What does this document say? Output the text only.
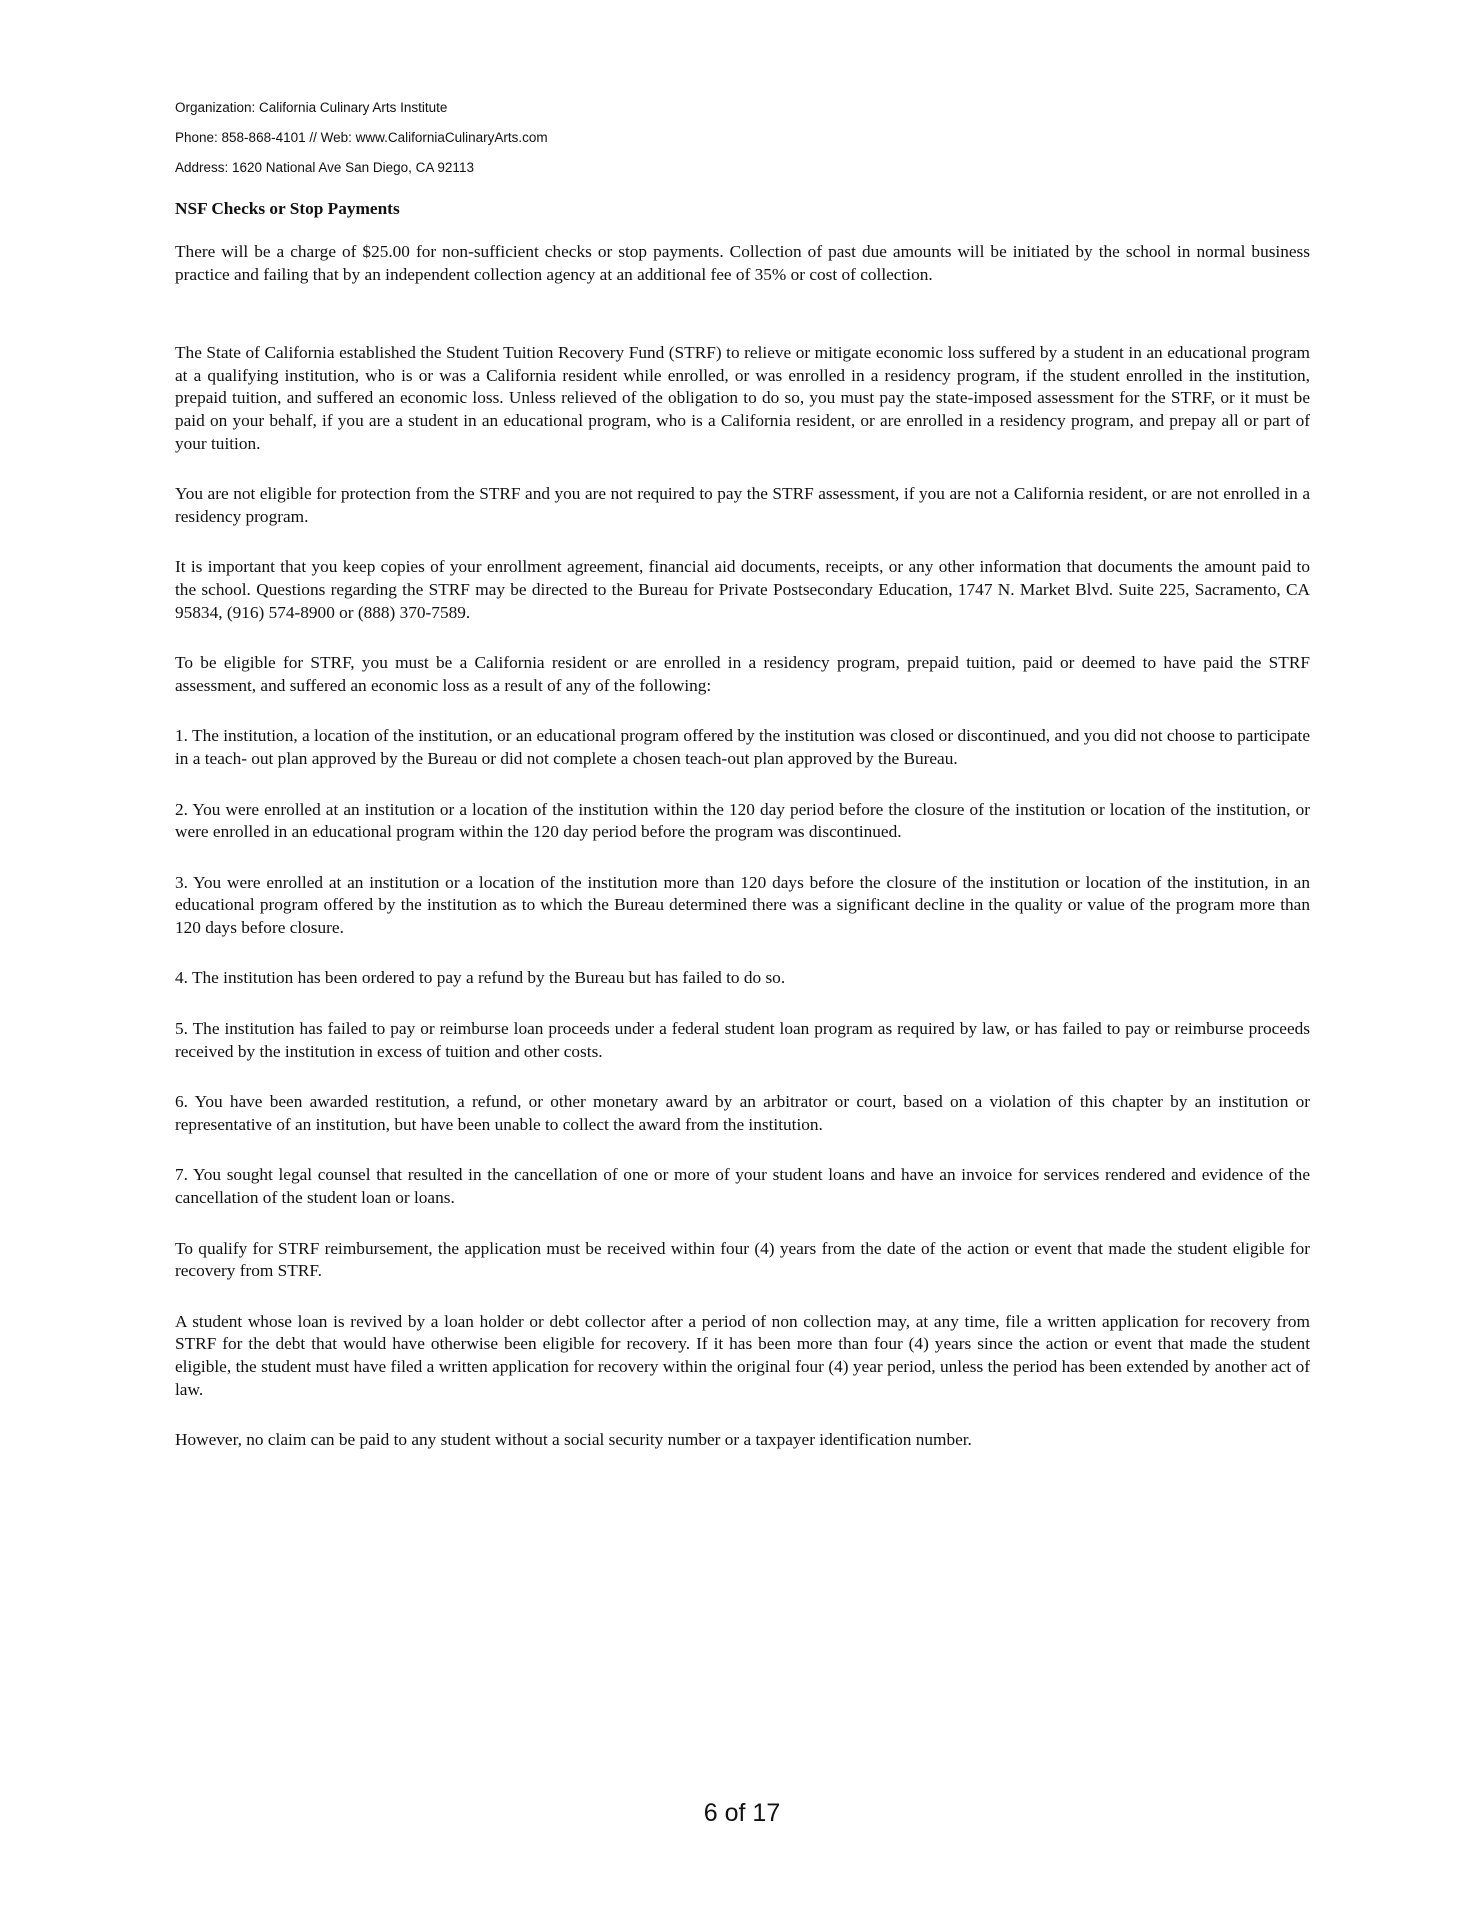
Organization: California Culinary Arts Institute
Phone: 858-868-4101 // Web: www.CaliforniaCulinaryArts.com
Address: 1620 National Ave San Diego, CA 92113
NSF Checks or Stop Payments

There will be a charge of $25.00 for non-sufficient checks or stop payments. Collection of past due amounts will be initiated by the school in normal business practice and failing that by an independent collection agency at an additional fee of 35% or cost of collection.

The State of California established the Student Tuition Recovery Fund (STRF) to relieve or mitigate economic loss suffered by a student in an educational program at a qualifying institution, who is or was a California resident while enrolled, or was enrolled in a residency program, if the student enrolled in the institution, prepaid tuition, and suffered an economic loss. Unless relieved of the obligation to do so, you must pay the state-imposed assessment for the STRF, or it must be paid on your behalf, if you are a student in an educational program, who is a California resident, or are enrolled in a residency program, and prepay all or part of your tuition.

You are not eligible for protection from the STRF and you are not required to pay the STRF assessment, if you are not a California resident, or are not enrolled in a residency program.

It is important that you keep copies of your enrollment agreement, financial aid documents, receipts, or any other information that documents the amount paid to the school. Questions regarding the STRF may be directed to the Bureau for Private Postsecondary Education, 1747 N. Market Blvd. Suite 225, Sacramento, CA 95834, (916) 574-8900 or (888) 370-7589.

To be eligible for STRF, you must be a California resident or are enrolled in a residency program, prepaid tuition, paid or deemed to have paid the STRF assessment, and suffered an economic loss as a result of any of the following:

1. The institution, a location of the institution, or an educational program offered by the institution was closed or discontinued, and you did not choose to participate in a teach- out plan approved by the Bureau or did not complete a chosen teach-out plan approved by the Bureau.

2. You were enrolled at an institution or a location of the institution within the 120 day period before the closure of the institution or location of the institution, or were enrolled in an educational program within the 120 day period before the program was discontinued.

3. You were enrolled at an institution or a location of the institution more than 120 days before the closure of the institution or location of the institution, in an educational program offered by the institution as to which the Bureau determined there was a significant decline in the quality or value of the program more than 120 days before closure.

4. The institution has been ordered to pay a refund by the Bureau but has failed to do so.

5. The institution has failed to pay or reimburse loan proceeds under a federal student loan program as required by law, or has failed to pay or reimburse proceeds received by the institution in excess of tuition and other costs.

6. You have been awarded restitution, a refund, or other monetary award by an arbitrator or court, based on a violation of this chapter by an institution or representative of an institution, but have been unable to collect the award from the institution.

7. You sought legal counsel that resulted in the cancellation of one or more of your student loans and have an invoice for services rendered and evidence of the cancellation of the student loan or loans.

To qualify for STRF reimbursement, the application must be received within four (4) years from the date of the action or event that made the student eligible for recovery from STRF.

A student whose loan is revived by a loan holder or debt collector after a period of non collection may, at any time, file a written application for recovery from STRF for the debt that would have otherwise been eligible for recovery. If it has been more than four (4) years since the action or event that made the student eligible, the student must have filed a written application for recovery within the original four (4) year period, unless the period has been extended by another act of law.

However, no claim can be paid to any student without a social security number or a taxpayer identification number.

6 of 17
